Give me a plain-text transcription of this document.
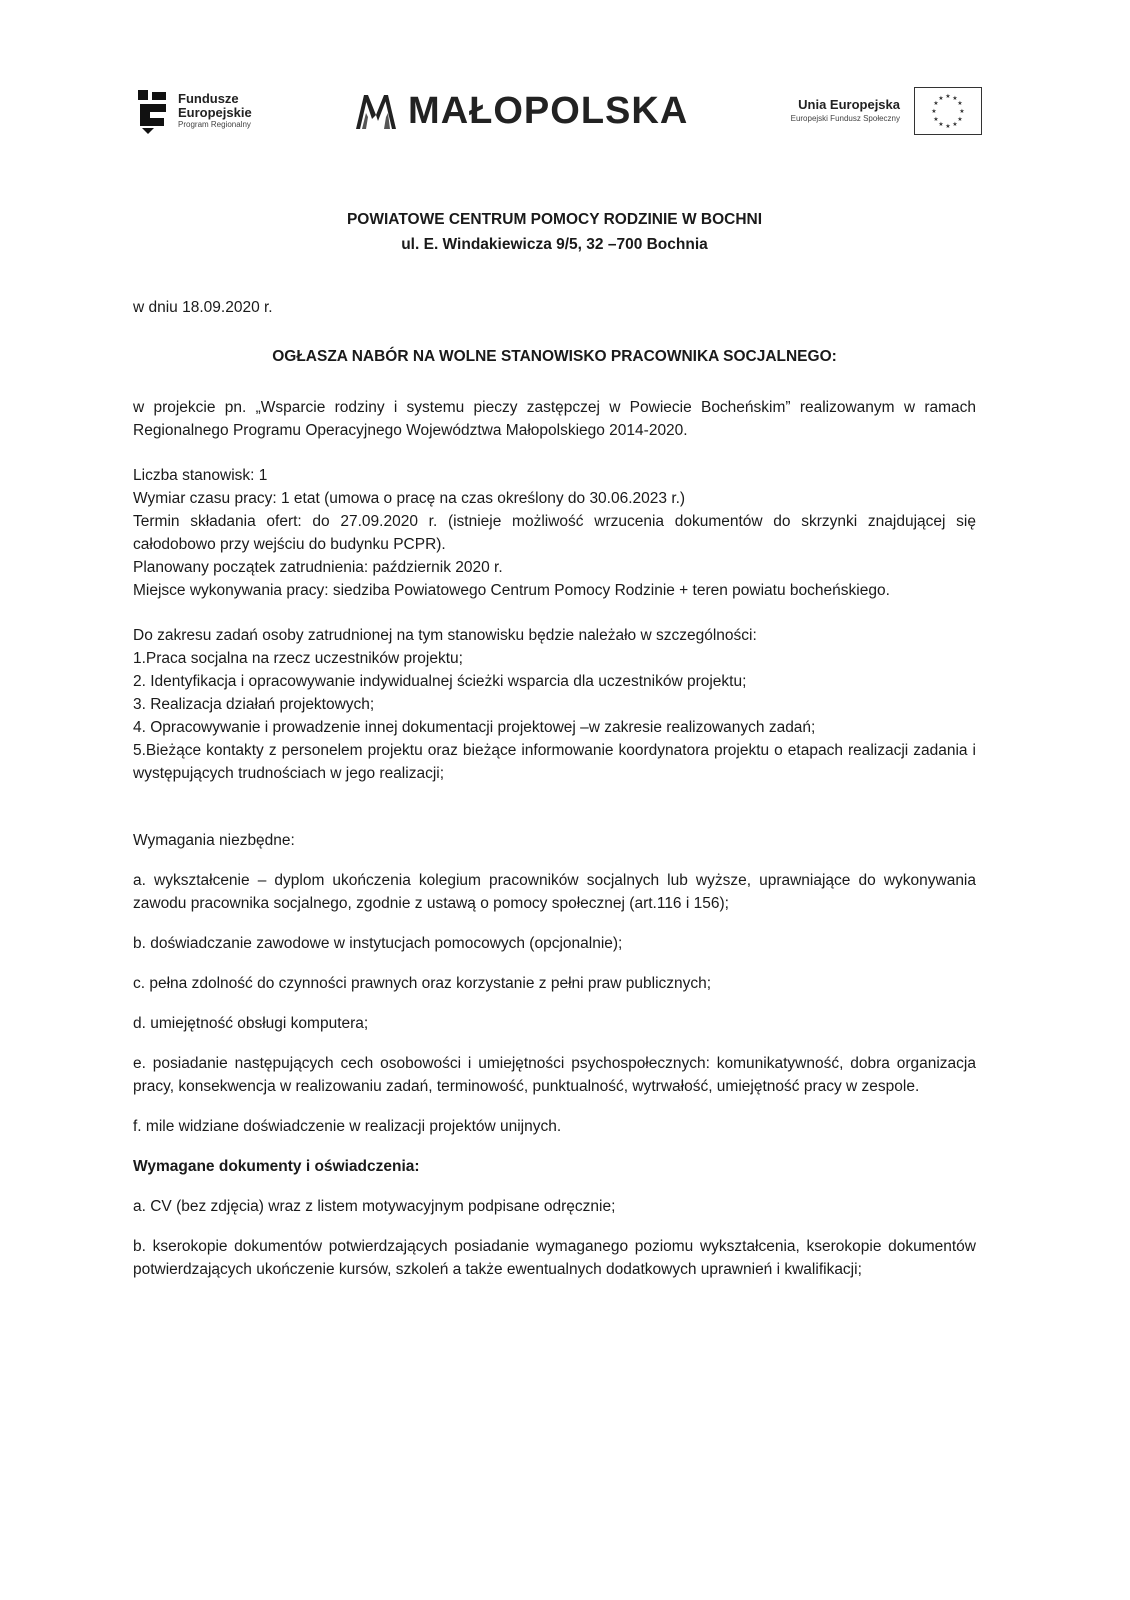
Fundusze
Europejskie
Program Regionalny	MAŁOPOLSKA	Unia Europejska
Europejski Fundusz Społeczny
★ ★
★
★
★
★
★
★
★
★
★
★

POWIATOWE CENTRUM POMOCY RODZINIE W BOCHNI

ul. E. Windakiewicza 9/5, 32 –700 Bochnia

w dniu 18.09.2020 r.

OGŁASZA NABÓR NA WOLNE STANOWISKO PRACOWNIKA SOCJALNEGO:

w projekcie pn. „Wsparcie rodziny i systemu pieczy zastępczej w Powiecie Bocheńskim” realizowanym w ramach Regionalnego Programu Operacyjnego Województwa Małopolskiego 2014-2020.

Liczba stanowisk: 1

Wymiar czasu pracy: 1 etat (umowa o pracę na czas określony do 30.06.2023 r.)

Termin składania ofert: do 27.09.2020 r. (istnieje możliwość wrzucenia dokumentów do skrzynki znajdującej się całodobowo przy wejściu do budynku PCPR).

Planowany początek zatrudnienia: październik 2020 r.

Miejsce wykonywania pracy: siedziba Powiatowego Centrum Pomocy Rodzinie + teren powiatu bocheńskiego.

Do zakresu zadań osoby zatrudnionej na tym stanowisku będzie należało w szczególności:

1.Praca socjalna na rzecz uczestników projektu;

2. Identyfikacja i opracowywanie indywidualnej ścieżki wsparcia dla uczestników projektu;

3. Realizacja działań projektowych;

4. Opracowywanie i prowadzenie innej dokumentacji projektowej –w zakresie realizowanych zadań;

5.Bieżące kontakty z personelem projektu oraz bieżące informowanie koordynatora projektu o etapach realizacji zadania i występujących trudnościach w jego realizacji;

Wymagania niezbędne:

a. wykształcenie – dyplom ukończenia kolegium pracowników socjalnych lub wyższe, uprawniające do wykonywania zawodu pracownika socjalnego, zgodnie z ustawą o pomocy społecznej (art.116 i 156);

b. doświadczanie zawodowe w instytucjach pomocowych (opcjonalnie);

c. pełna zdolność do czynności prawnych oraz korzystanie z pełni praw publicznych;

d. umiejętność obsługi komputera;

e. posiadanie następujących cech osobowości i umiejętności psychospołecznych: komunikatywność, dobra organizacja pracy, konsekwencja w realizowaniu zadań, terminowość, punktualność, wytrwałość, umiejętność pracy w zespole.

f. mile widziane doświadczenie w realizacji projektów unijnych.

Wymagane dokumenty i oświadczenia:

a. CV (bez zdjęcia) wraz z listem motywacyjnym podpisane odręcznie;

b. kserokopie dokumentów potwierdzających posiadanie wymaganego poziomu wykształcenia, kserokopie dokumentów potwierdzających ukończenie kursów, szkoleń a także ewentualnych dodatkowych uprawnień i kwalifikacji;
